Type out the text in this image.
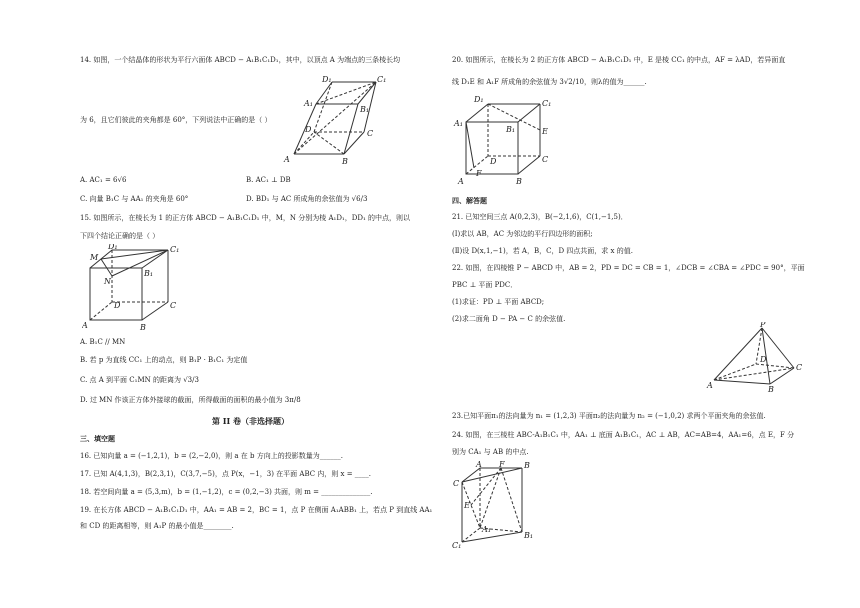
14. 如图，一个结晶体的形状为平行六面体 ABCD − A₁B₁C₁D₁，其中，以顶点 A 为端点的三条棱长均
为 6，且它们彼此的夹角都是 60°，下列说法中正确的是（ ）
A	B
C
D
A₁
B₁
C₁
D₁
A. AC₁ = 6√6	B. AC₁ ⊥ DB
C. 向量 B₁C 与 AA₁ 的夹角是 60°	D. BD₁ 与 AC 所成角的余弦值为 √6/3
15. 如图所示，在棱长为 1 的正方体 ABCD − A₁B₁C₁D₁ 中，M，N 分别为棱 A₁D₁，DD₁ 的中点，则以
下四个结论正确的是（ ）
A	B
C
D
M
N
B₁
C₁
D₁
A. B₁C // MN
B. 若 p 为直线 CC₁ 上的动点，则 B₁P · B₁C₁ 为定值
C. 点 A 到平面 C₁MN 的距离为 √3/3
D. 过 MN 作该正方体外接球的截面，所得截面的面积的最小值为 3π/8
第 II 卷（非选择题）
三、填空题
16. 已知向量 a = (−1,2,1)，b = (2,−2,0)，则 a 在 b 方向上的投影数量为______.
17. 已知 A(4,1,3)，B(2,3,1)，C(3,7,−5)，点 P(x，−1，3) 在平面 ABC 内，则 x = ____.
18. 若空间向量 a = (5,3,m)，b = (1,−1,2)，c = (0,2,−3) 共面，则 m = ______________.
19. 在长方体 ABCD − A₁B₁C₁D₁ 中，AA₁ = AB = 2，BC = 1，点 P 在侧面 A₁ABB₁ 上，若点 P 到直线 AA₁
和 CD 的距离相等，则 A₁P 的最小值是________.
20. 如图所示，在棱长为 2 的正方体 ABCD − A₁B₁C₁D₁ 中，E 是棱 CC₁ 的中点，AF = λAD，若异面直
线 D₁E 和 A₁F 所成角的余弦值为 3√2/10，则λ的值为______.
A	B
C
D
E
F
A₁
B₁
C₁
D₁
四、解答题
21. 已知空间三点 A(0,2,3)，B(−2,1,6)，C(1,−1,5)．
(Ⅰ)求以 AB，AC 为邻边的平行四边形的面积;
(Ⅱ)设 D(x,1,−1)，若 A，B，C，D 四点共面，求 x 的值.
22. 如图，在四棱锥 P − ABCD 中，AB = 2，PD = DC = CB = 1，∠DCB = ∠CBA = ∠PDC = 90°，平面
PBC ⊥ 平面 PDC．
(1)求证：PD ⊥ 平面 ABCD;
(2)求二面角 D − PA − C 的余弦值.
P
A	B
C
D
23.已知平面π₁的法向量为 n₁ = (1,2,3) 平面π₂的法向量为 n₂ = (−1,0,2) 求两个平面夹角的余弦值.
24. 如图，在三棱柱 ABC-A₁B₁C₁ 中，AA₁ ⊥ 底面 A₁B₁C₁，AC ⊥ AB，AC=AB=4，AA₁=6，点 E，F 分
别为 CA₁ 与 AB 的中点.
A F B
C
E
A₁
B₁
C₁
